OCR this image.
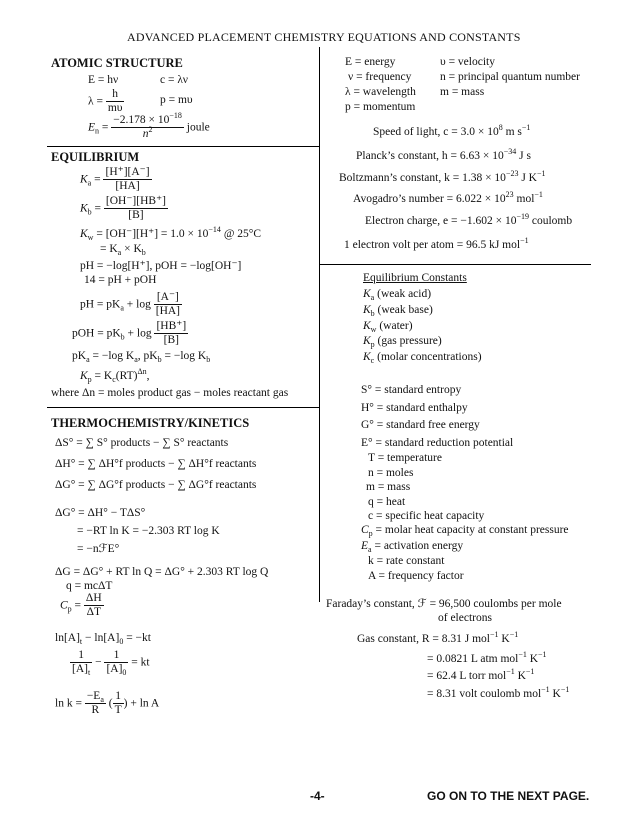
ADVANCED PLACEMENT CHEMISTRY EQUATIONS AND CONSTANTS
ATOMIC STRUCTURE
E = hν	c = λν
$\lambda = \frac{h}{m\upsilon}$	p = mυ
$E_n = \frac{-2.178 \times 10^{-18}}{n^2}$ joule
E = energy	υ = velocity
ν = frequency n = principal quantum number
λ = wavelength m = mass
p = momentum
Speed of light, $c = 3.0 \times 10^8$ m $s^{-1}$
Planck’s constant, $h = 6.63 \times 10^{-34}$ J s
Boltzmann’s constant, $k = 1.38 \times 10^{-23}$ J $K^{-1}$
Avogadro’s number = $6.022 \times 10^{23}$ mol$^{-1}$
Electron charge, $e = -1.602 \times 10^{-19}$ coulomb
1 electron volt per atom = 96.5 kJ mol$^{-1}$
EQUILIBRIUM
$K_a = \frac{[H^+][A^-]}{[HA]}$
$K_b = \frac{[OH^-][HB^+]}{[B]}$
$K_w = [OH^-][H^+] = 1.0 \times 10^{-14}$ @ 25°C
= $K_a \times K_b$
pH = −log[H⁺], pOH = −log[OH⁻]
14 = pH + pOH
pH = $pK_a + \log \frac{[A^-]}{[HA]}$
pOH = $pK_b + \log \frac{[HB^+]}{[B]}$
$pK_a = -\log$ $K_a$, $pK_b = -\log$ $K_b$
$K_p = K_c(RT)^{\Delta n}$,
where Δn = moles product gas − moles reactant gas
Equilibrium Constants
$K_a$ (weak acid)
$K_b$ (weak base)
$K_w$ (water)
$K_p$ (gas pressure)
$K_c$ (molar concentrations)
THERMOCHEMISTRY/KINETICS
ΔS° = ∑ S° products − ∑ S° reactants
ΔH° = ∑ ΔH°f products − ∑ ΔH°f reactants
ΔG° = ∑ ΔG°f products − ∑ ΔG°f reactants
ΔG° = ΔH° − TΔS°
= −RT ln K = −2.303 RT log K
= −nℱE°
ΔG = ΔG° + RT ln Q = ΔG° + 2.303 RT log Q
q = mcΔT
$C_p = \frac{\Delta H}{\Delta T}$
$\ln[A]_t - \ln[A]_0 = -kt$
$\frac{1}{[A]_t} - \frac{1}{[A]_0}$ = kt
$\ln k = \frac{-E_a}{R}$ ( $\frac{1}{T}$ ) + ln A
S° = standard entropy
H° = standard enthalpy
G° = standard free energy
E° = standard reduction potential
T = temperature
n = moles
m = mass
q = heat
c = specific heat capacity
$C_p$ = molar heat capacity at constant pressure
$E_a$ = activation energy
k = rate constant
A = frequency factor
Faraday’s constant, ℱ = 96,500 coulombs per mole
of electrons
Gas constant, R = 8.31 J mol$^{-1}$ $K^{-1}$
= 0.0821 L atm mol$^{-1}$ $K^{-1}$
= 62.4 L torr mol$^{-1}$ $K^{-1}$
= 8.31 volt coulomb mol$^{-1}$ $K^{-1}$
-4-	GO ON TO THE NEXT PAGE.
